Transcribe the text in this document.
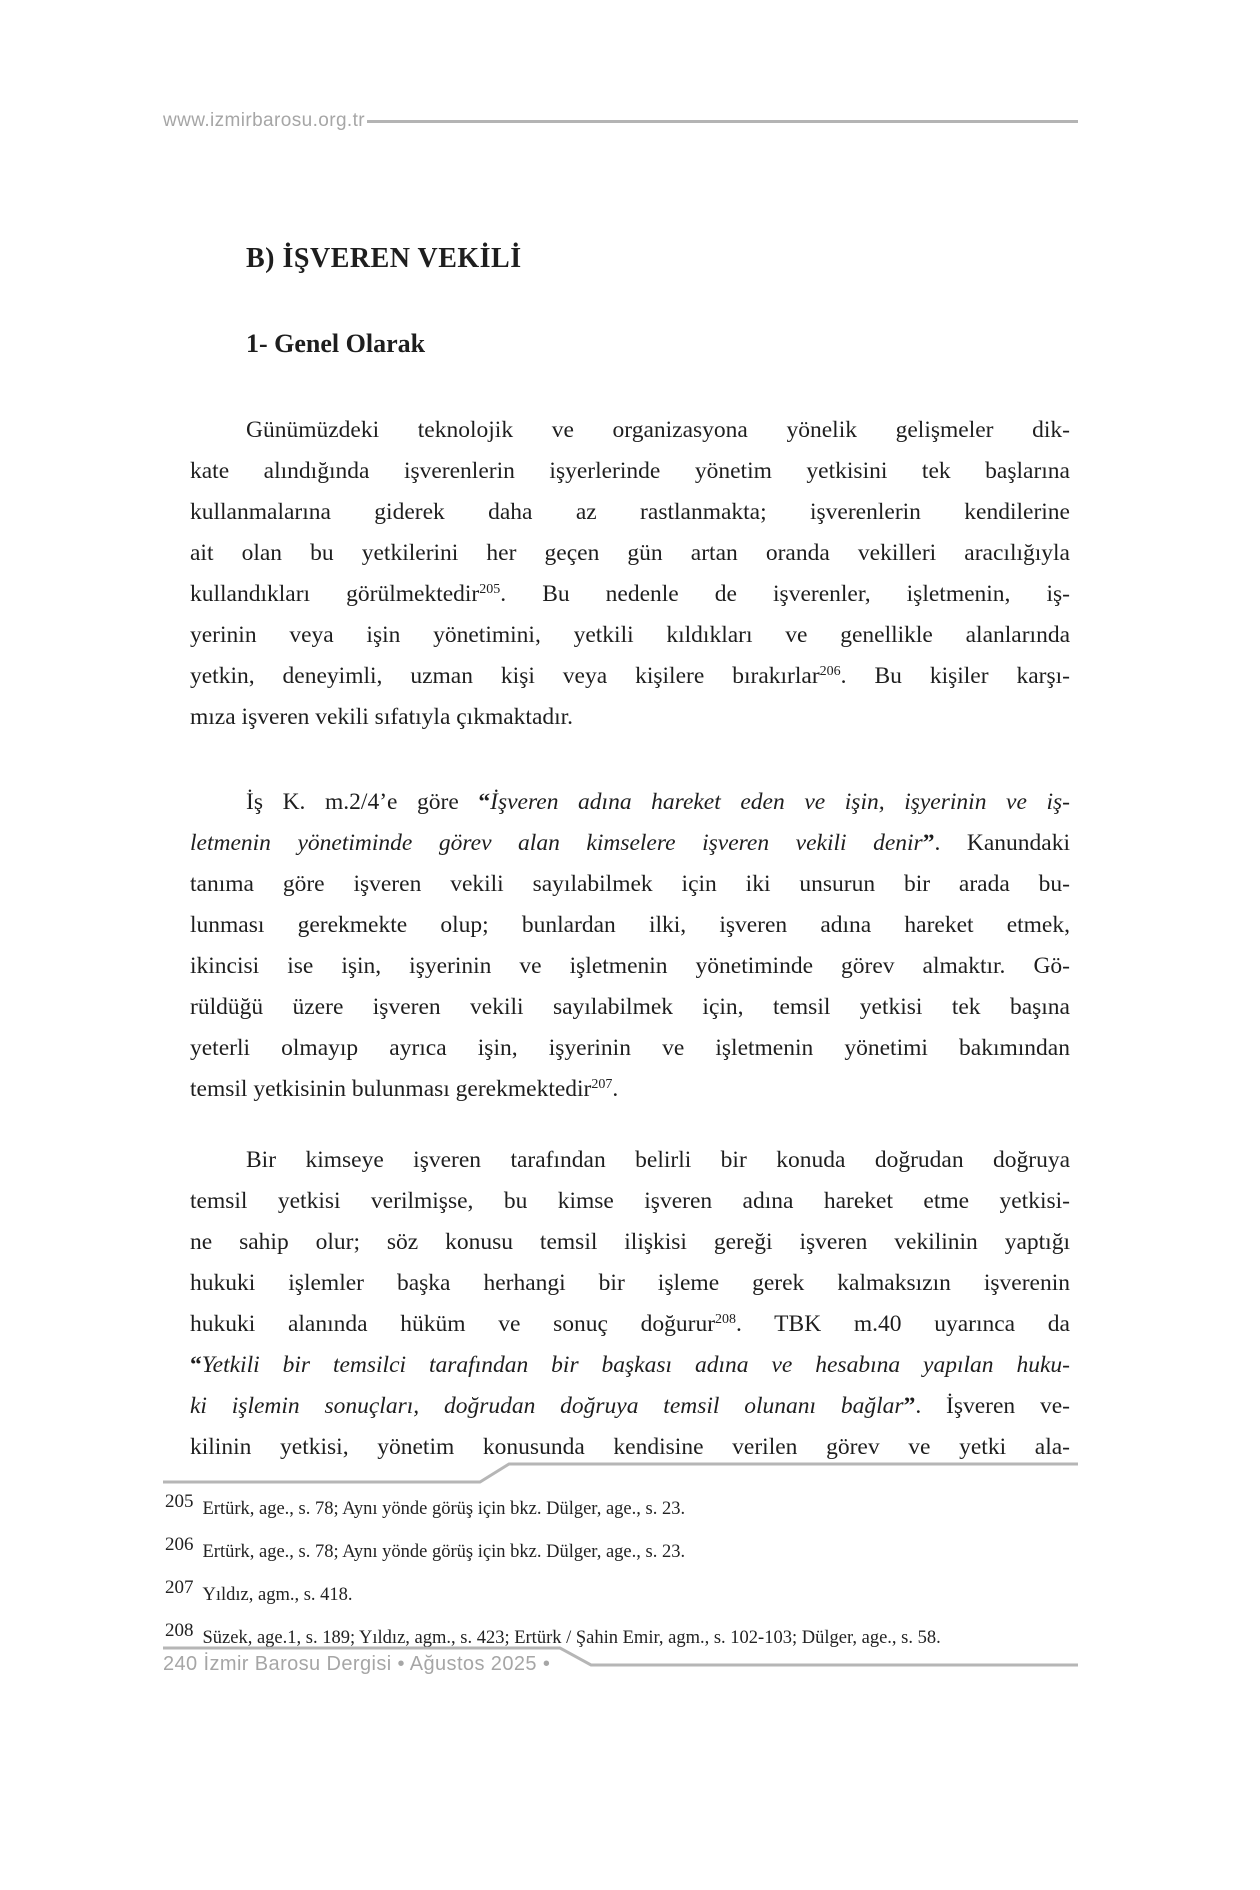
www.izmirbarosu.org.tr
B) İŞVEREN VEKİLİ
1- Genel Olarak
Günümüzdeki teknolojik ve organizasyona yönelik gelişmeler dik-
kate alındığında işverenlerin işyerlerinde yönetim yetkisini tek başlarına
kullanmalarına giderek daha az rastlanmakta; işverenlerin kendilerine
ait olan bu yetkilerini her geçen gün artan oranda vekilleri aracılığıyla
kullandıkları görülmektedir$^{205}$. Bu nedenle de işverenler, işletmenin, iş-
yerinin veya işin yönetimini, yetkili kıldıkları ve genellikle alanlarında
yetkin, deneyimli, uzman kişi veya kişilere bırakırlar$^{206}$. Bu kişiler karşı-
mıza işveren vekili sıfatıyla çıkmaktadır.
İş K. m.2/4’e göre “İşveren adına hareket eden ve işin, işyerinin ve iş-
letmenin yönetiminde görev alan kimselere işveren vekili denir”. Kanundaki
tanıma göre işveren vekili sayılabilmek için iki unsurun bir arada bu-
lunması gerekmekte olup; bunlardan ilki, işveren adına hareket etmek,
ikincisi ise işin, işyerinin ve işletmenin yönetiminde görev almaktır. Gö-
rüldüğü üzere işveren vekili sayılabilmek için, temsil yetkisi tek başına
yeterli olmayıp ayrıca işin, işyerinin ve işletmenin yönetimi bakımından
temsil yetkisinin bulunması gerekmektedir$^{207}$.
Bir kimseye işveren tarafından belirli bir konuda doğrudan doğruya
temsil yetkisi verilmişse, bu kimse işveren adına hareket etme yetkisi-
ne sahip olur; söz konusu temsil ilişkisi gereği işveren vekilinin yaptığı
hukuki işlemler başka herhangi bir işleme gerek kalmaksızın işverenin
hukuki alanında hüküm ve sonuç doğurur$^{208}$. TBK m.40 uyarınca da
“Yetkili bir temsilci tarafından bir başkası adına ve hesabına yapılan huku-
ki işlemin sonuçları, doğrudan doğruya temsil olunanı bağlar”. İşveren ve-
kilinin yetkisi, yönetim konusunda kendisine verilen görev ve yetki ala-
205 Ertürk, age., s. 78; Aynı yönde görüş için bkz. Dülger, age., s. 23.
206 Ertürk, age., s. 78; Aynı yönde görüş için bkz. Dülger, age., s. 23.
207 Yıldız, agm., s. 418.
208 Süzek, age.1, s. 189; Yıldız, agm., s. 423; Ertürk / Şahin Emir, agm., s. 102-103; Dülger, age., s. 58.
240 İzmir Barosu Dergisi • Ağustos 2025 •
